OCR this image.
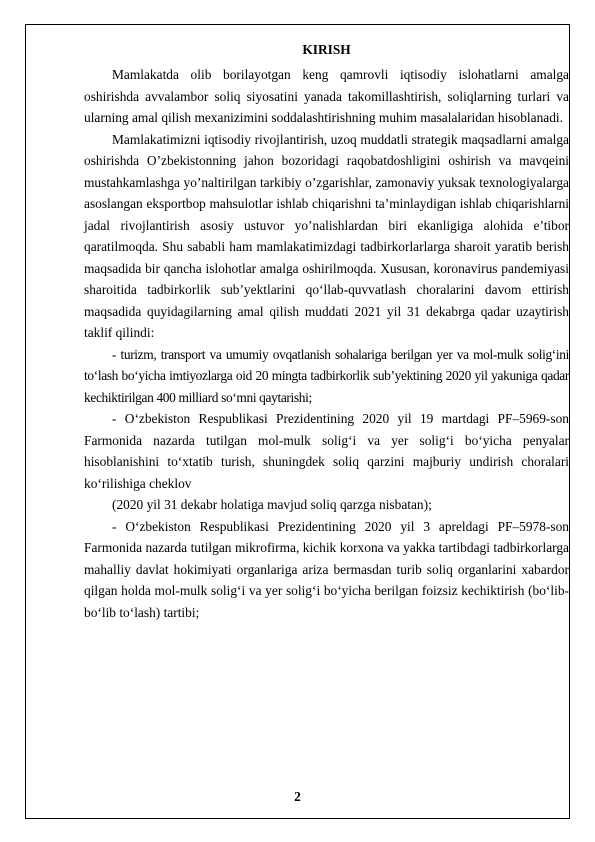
KIRISH

Mamlakatda olib borilayotgan keng qamrovli iqtisodiy islohatlarni amalga oshirishda avvalambor soliq siyosatini yanada takomillashtirish, soliqlarning turlari va ularning amal qilish mexanizimini soddalashtirishning muhim masalalaridan hisoblanadi.

Mamlakatimizni iqtisodiy rivojlantirish, uzoq muddatli strategik maqsadlarni amalga oshirishda O’zbekistonning jahon bozoridagi raqobatdoshligini oshirish va mavqeini mustahkamlashga yo’naltirilgan tarkibiy o’zgarishlar, zamonaviy yuksak texnologiyalarga asoslangan eksportbop mahsulotlar ishlab chiqarishni ta’minlaydigan ishlab chiqarishlarni jadal rivojlantirish asosiy ustuvor yo’nalishlardan biri ekanligiga alohida e’tibor qaratilmoqda. Shu sababli ham mamlakatimizdagi tadbirkorlarlarga sharoit yaratib berish maqsadida bir qancha islohotlar amalga oshirilmoqda. Xususan, koronavirus pandemiyasi sharoitida tadbirkorlik sub’yektlarini qo‘llab-quvvatlash choralarini davom ettirish maqsadida quyidagilarning amal qilish muddati 2021 yil 31 dekabrga qadar uzaytirish taklif qilindi:

- turizm, transport va umumiy ovqatlanish sohalariga berilgan yer va mol-mulk solig‘ini to‘lash bo‘yicha imtiyozlarga oid 20 mingta tadbirkorlik sub’yektining 2020 yil yakuniga qadar kechiktirilgan 400 milliard so‘mni qaytarishi;

- O‘zbekiston Respublikasi Prezidentining 2020 yil 19 martdagi PF–5969-son Farmonida nazarda tutilgan mol-mulk solig‘i va yer solig‘i bo‘yicha penyalar hisoblanishini to‘xtatib turish, shuningdek soliq qarzini majburiy undirish choralari ko‘rilishiga cheklov

(2020 yil 31 dekabr holatiga mavjud soliq qarzga nisbatan);

- O‘zbekiston Respublikasi Prezidentining 2020 yil 3 apreldagi PF–5978-son Farmonida nazarda tutilgan mikrofirma, kichik korxona va yakka tartibdagi tadbirkorlarga mahalliy davlat hokimiyati organlariga ariza bermasdan turib soliq organlarini xabardor qilgan holda mol-mulk solig‘i va yer solig‘i bo‘yicha berilgan foizsiz kechiktirish (bo‘lib-bo‘lib to‘lash) tartibi;

2
